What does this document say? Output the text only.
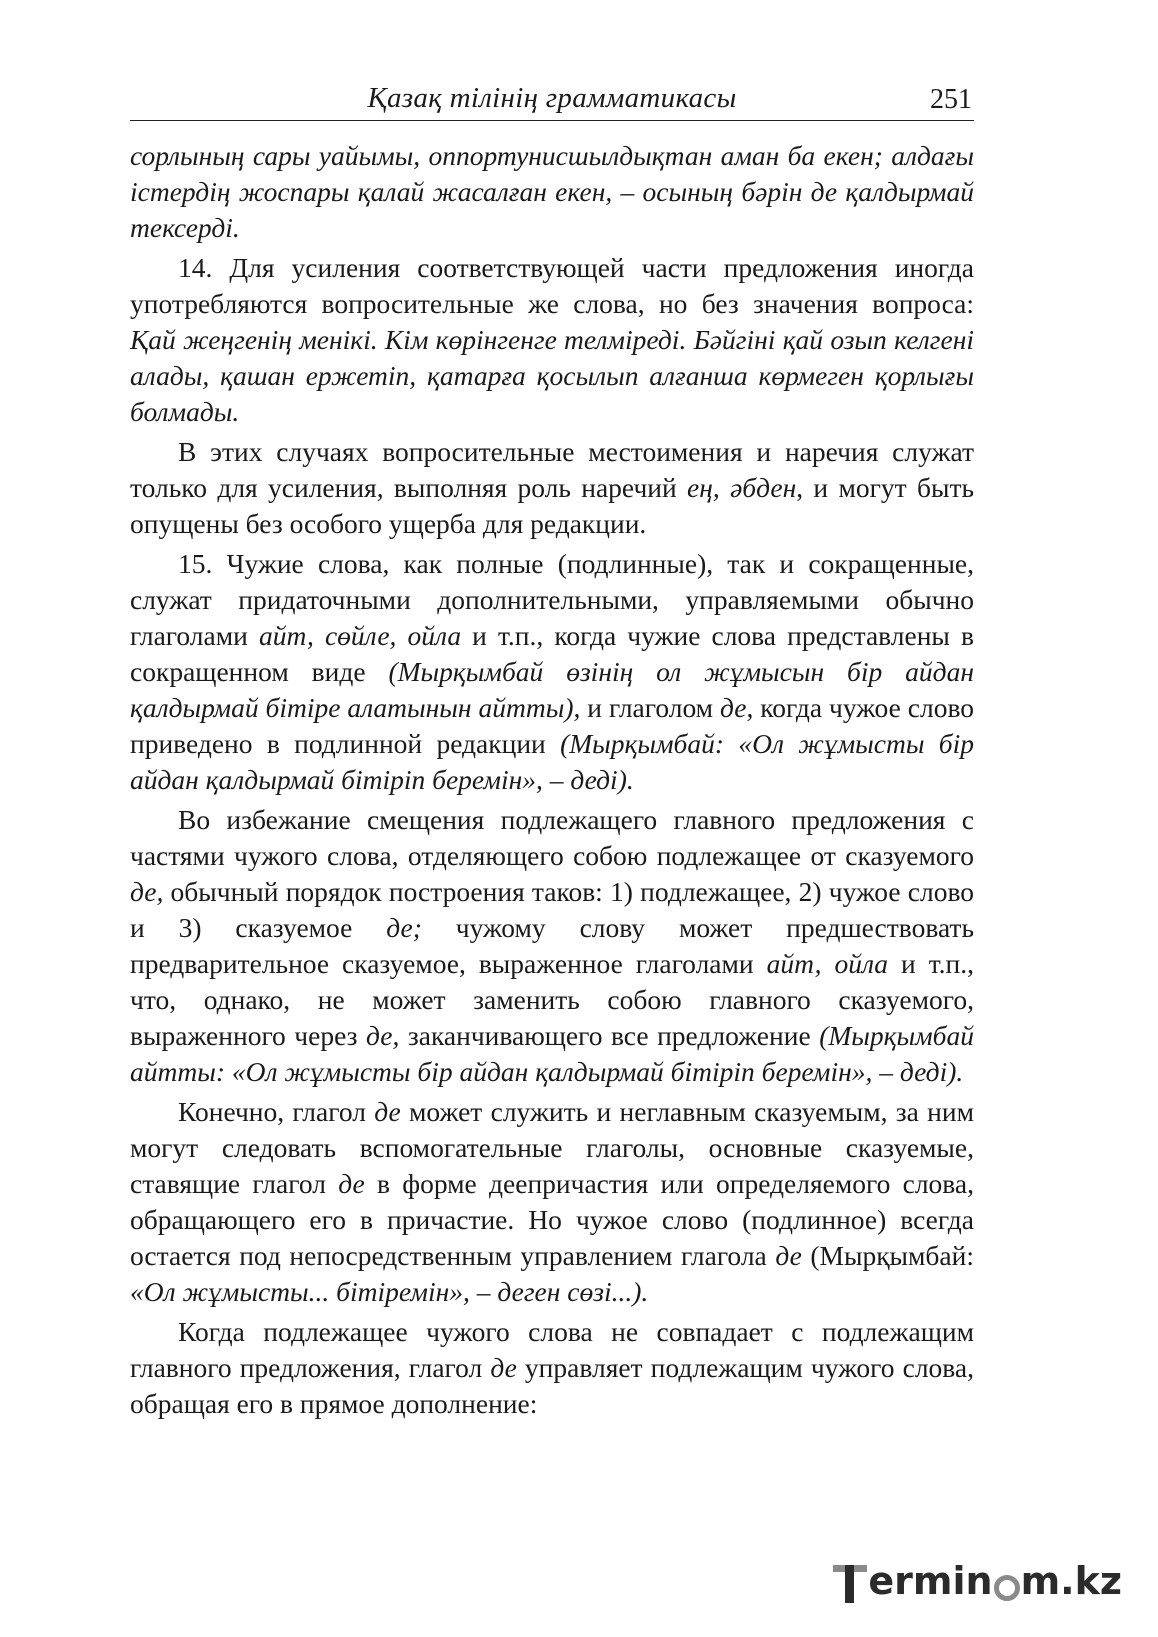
Қазақ тілінің грамматикасы	251

сорлының сары уайымы, оппортунисшылдықтан аман ба екен; алдағы істердің жоспары қалай жасалған екен, – осының бәрін де қалдырмай тексерді.

14. Для усиления соответствующей части предложения иногда употребляются вопросительные же слова, но без значения вопроса: Қай жеңгенің менікі. Кім көрінгенге телміреді. Бәйгіні қай озып келгені алады, қашан ержетіп, қатарға қосылып алғанша көрмеген қорлығы болмады.

В этих случаях вопросительные местоимения и наречия служат только для усиления, выполняя роль наречий ең, әбден, и могут быть опущены без особого ущерба для редакции.

15. Чужие слова, как полные (подлинные), так и сокращенные, служат придаточными дополнительными, управляемыми обычно глаголами айт, сөйле, ойла и т.п., когда чужие слова представлены в сокращенном виде (Мырқымбай өзінің ол жұмысын бір айдан қалдырмай бітіре алатынын айтты), и глаголом де, когда чужое слово приведено в подлинной редакции (Мырқымбай: «Ол жұмысты бір айдан қалдырмай бітіріп беремін», – деді).

Во избежание смещения подлежащего главного предложения с частями чужого слова, отделяющего собою подлежащее от сказуемого де, обычный порядок построения таков: 1) подлежащее, 2) чужое слово и 3) сказуемое де; чужому слову может предшествовать предварительное сказуемое, выраженное глаголами айт, ойла и т.п., что, однако, не может заменить собою главного сказуемого, выраженного через де, заканчивающего все предложение (Мырқымбай айтты: «Ол жұмысты бір айдан қалдырмай бітіріп беремін», – деді).

Конечно, глагол де может служить и неглавным сказуемым, за ним могут следовать вспомогательные глаголы, основные сказуемые, ставящие глагол де в форме деепричастия или определяемого слова, обращающего его в причастие. Но чужое слово (подлинное) всегда остается под непосредственным управлением глагола де (Мырқымбай: «Ол жұмысты... бітіремін», – деген сөзі...).

Когда подлежащее чужого слова не совпадает с подлежащим главного предложения, глагол де управляет подлежащим чужого слова, обращая его в прямое дополнение:

ermin m.kz
